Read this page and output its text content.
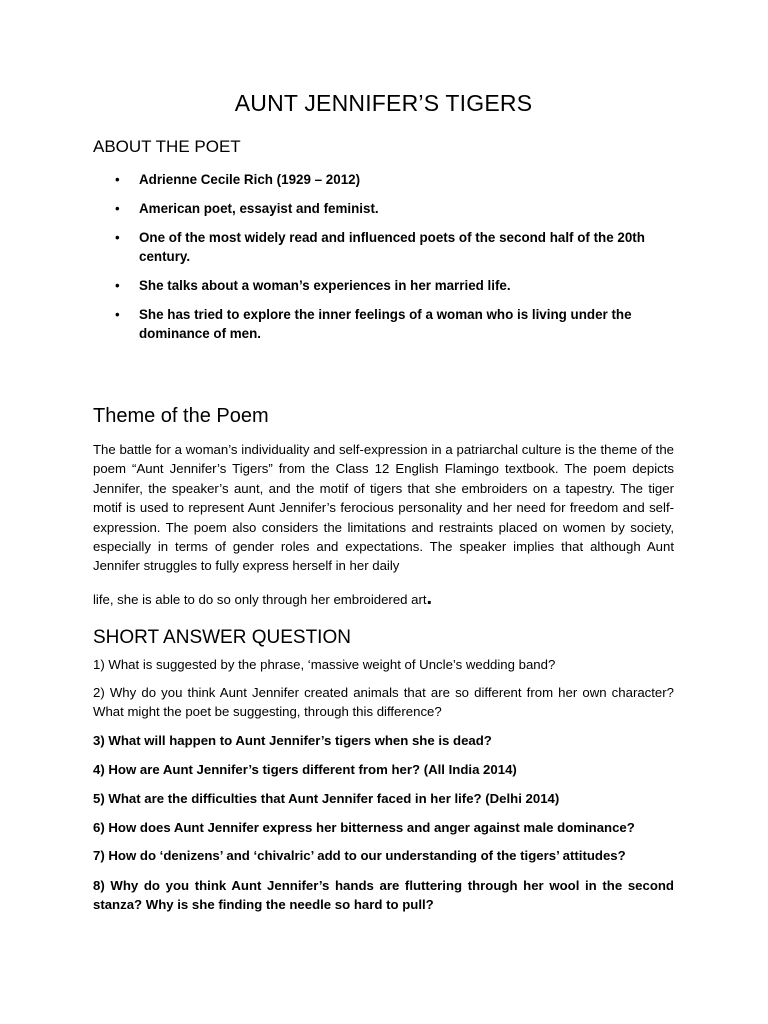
AUNT JENNIFER’S TIGERS
ABOUT THE POET
• Adrienne Cecile Rich (1929 – 2012)
• American poet, essayist and feminist.
• One of the most widely read and influenced poets of the second half of the 20th century.
• She talks about a woman’s experiences in her married life.
• She has tried to explore the inner feelings of a woman who is living under the dominance of men.
Theme of the Poem

The battle for a woman’s individuality and self-expression in a patriarchal culture is the theme of the poem “Aunt Jennifer’s Tigers” from the Class 12 English Flamingo textbook. The poem depicts Jennifer, the speaker’s aunt, and the motif of tigers that she embroiders on a tapestry. The tiger motif is used to represent Aunt Jennifer’s ferocious personality and her need for freedom and self-expression. The poem also considers the limitations and restraints placed on women by society, especially in terms of gender roles and expectations. The speaker implies that although Aunt Jennifer struggles to fully express herself in her daily

life, she is able to do so only through her embroidered art.

SHORT ANSWER QUESTION

1) What is suggested by the phrase, ‘massive weight of Uncle’s wedding band?

2) Why do you think Aunt Jennifer created animals that are so different from her own character? What might the poet be suggesting, through this difference?

3) What will happen to Aunt Jennifer’s tigers when she is dead?

4) How are Aunt Jennifer’s tigers different from her? (All India 2014)

5) What are the difficulties that Aunt Jennifer faced in her life? (Delhi 2014)

6) How does Aunt Jennifer express her bitterness and anger against male dominance?

7) How do ‘denizens’ and ‘chivalric’ add to our understanding of the tigers’ attitudes?

8) Why do you think Aunt Jennifer’s hands are fluttering through her wool in the second stanza? Why is she finding the needle so hard to pull?
